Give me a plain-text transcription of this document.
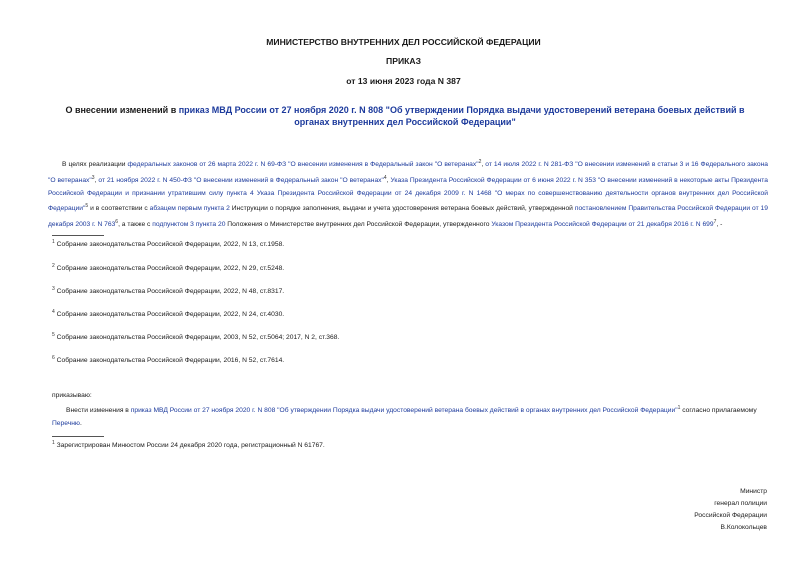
МИНИСТЕРСТВО ВНУТРЕННИХ ДЕЛ РОССИЙСКОЙ ФЕДЕРАЦИИ
ПРИКАЗ
от 13 июня 2023 года N 387
О внесении изменений в приказ МВД России от 27 ноября 2020 г. N 808 "Об утверждении Порядка выдачи удостоверений ветерана боевых действий в органах внутренних дел Российской Федерации"
В целях реализации федеральных законов от 26 марта 2022 г. N 69-ФЗ "О внесении изменения в Федеральный закон "О ветеранах"$^2$, от 14 июля 2022 г. N 281-ФЗ "О внесении изменений в статьи 3 и 16 Федерального закона "О ветеранах"$^3$, от 21 ноября 2022 г. N 450-ФЗ "О внесении изменений в Федеральный закон "О ветеранах"$^4$, Указа Президента Российской Федерации от 6 июня 2022 г. N 353 "О внесении изменений в некоторые акты Президента Российской Федерации и признании утратившим силу пункта 4 Указа Президента Российской Федерации от 24 декабря 2009 г. N 1468 "О мерах по совершенствованию деятельности органов внутренних дел Российской Федерации"$^5$ и в соответствии с абзацем первым пункта 2 Инструкции о порядке заполнения, выдачи и учета удостоверения ветерана боевых действий, утвержденной постановлением Правительства Российской Федерации от 19 декабря 2003 г. N $763^6$, а также с подпунктом 3 пункта 20 Положения о Министерстве внутренних дел Российской Федерации, утвержденного Указом Президента Российской Федерации от 21 декабря 2016 г. N $699^7$, -
$^1$ Собрание законодательства Российской Федерации, 2022, N 13, ст.1958.
$^2$ Собрание законодательства Российской Федерации, 2022, N 29, ст.5248.
$^3$ Собрание законодательства Российской Федерации, 2022, N 48, ст.8317.
$^4$ Собрание законодательства Российской Федерации, 2022, N 24, ст.4030.
$^5$ Собрание законодательства Российской Федерации, 2003, N 52, ст.5064; 2017, N 2, ст.368.
$^6$ Собрание законодательства Российской Федерации, 2016, N 52, ст.7614.
приказываю:
Внести изменения в приказ МВД России от 27 ноября 2020 г. N 808 "Об утверждении Порядка выдачи удостоверений ветерана боевых действий в органах внутренних дел Российской Федерации"$^1$ согласно прилагаемому Перечню.
$^1$ Зарегистрирован Минюстом России 24 декабря 2020 года, регистрационный N 61767.
Министр
генерал полиции
Российской Федерации
В.Колокольцев
